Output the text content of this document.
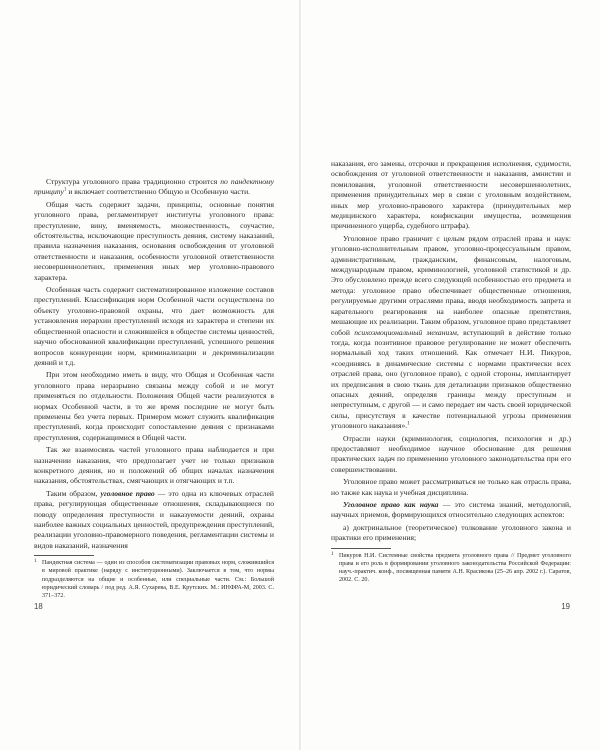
Структура уголовного права традиционно строится по пандектному принципу$^1$ и включает соответственно Общую и Особенную части.

Общая часть содержит задачи, принципы, основные понятия уголовного права, регламентирует институты уголовного права: преступление, вину, вменяемость, множественность, соучастие, обстоятельства, исключающие преступность деяния, систему наказаний, правила назначения наказания, основания освобождения от уголовной ответственности и наказания, особенности уголовной ответственности несовершеннолетних, применения иных мер уголовно-правового характера.

Особенная часть содержит систематизированное изложение составов преступлений. Классификация норм Особенной части осуществлена по объекту уголовно-правовой охраны, что дает возможность для установления иерархии преступлений исходя из характера и степени их общественной опасности и сложившейся в обществе системы ценностей, научно обоснованной квалификации преступлений, успешного решения вопросов конкуренции норм, криминализации и декриминализации деяний и т.д.

При этом необходимо иметь в виду, что Общая и Особенная части уголовного права неразрывно связаны между собой и не могут применяться по отдельности. Положения Общей части реализуются в нормах Особенной части, в то же время последние не могут быть применены без учета первых. Примером может служить квалификация преступлений, когда происходит сопоставление деяния с признаками преступления, содержащимися в Общей части.

Так же взаимосвязь частей уголовного права наблюдается и при назначении наказания, что предполагает учет не только признаков конкретного деяния, но и положений об общих началах назначения наказания, обстоятельствах, смягчающих и отягчающих и т.п.

Таким образом, уголовное право — это одна из ключевых отраслей права, регулирующая общественные отношения, складывающиеся по поводу определения преступности и наказуемости деяний, охраны наиболее важных социальных ценностей, предупреждения преступлений, реализации уголовно-правомерного поведения, регламентации системы и видов наказаний, назначения

1 Пандектная система — один из способов систематизации правовых норм, сложившийся в мировой практике (наряду с институционными). Заключается в том, что нормы подразделяются на общие и особенные, или специальные части. См.: Большой юридический словарь / под ред. А.Я. Сухарева, В.Е. Крутских. М.: ИНФРА-М, 2003. С. 371–372.
18

наказания, его замены, отсрочки и прекращения исполнения, судимости, освобождения от уголовной ответственности и наказания, амнистии и помилования, уголовной ответственности несовершеннолетних, применения принудительных мер в связи с уголовным воздействием, иных мер уголовно-правового характера (принудительных мер медицинского характера, конфискации имущества, возмещения причиненного ущерба, судебного штрафа).

Уголовное право граничит с целым рядом отраслей права и наук: уголовно-исполнительным правом, уголовно-процессуальным правом, административным, гражданским, финансовым, налоговым, международным правом, криминологией, уголовной статистикой и др. Это обусловлено прежде всего следующей особенностью его предмета и метода: уголовное право обеспечивает общественные отношения, регулируемые другими отраслями права, вводя необходимость запрета и карательного реагирования на наиболее опасные препятствия, мешающие их реализации. Таким образом, уголовное право представляет собой психоэмоциональный механизм, вступающий в действие только тогда, когда позитивное правовое регулирование не может обеспечить нормальный ход таких отношений. Как отмечает Н.И. Пикуров, «соединяясь в динамические системы с нормами практически всех отраслей права, оно (уголовное право), с одной стороны, имплантирует их предписания в свою ткань для детализации признаков общественно опасных деяний, определяя границы между преступным и непреступным, с другой — и само передает им часть своей юридической силы, присутствуя в качестве потенциальной угрозы применения уголовного наказания».$^1$

Отрасли науки (криминология, социология, психология и др.) предоставляют необходимое научное обоснование для решения практических задач по применению уголовного законодательства при его совершенствовании.

Уголовное право может рассматриваться не только как отрасль права, но также как наука и учебная дисциплина.

Уголовное право как наука — это система знаний, методологий, научных приемов, формирующихся относительно следующих аспектов:

а) доктринальное (теоретическое) толкование уголовного закона и практики его применения;

1 Пикуров Н.И. Системные свойства предмета уголовного права // Предмет уголовного права и его роль в формировании уголовного законодательства Российской Федерации: науч.-практич. конф., посвященная памяти А.Н. Красикова (25–26 апр. 2002 г.). Саратов, 2002. С. 20.
19
